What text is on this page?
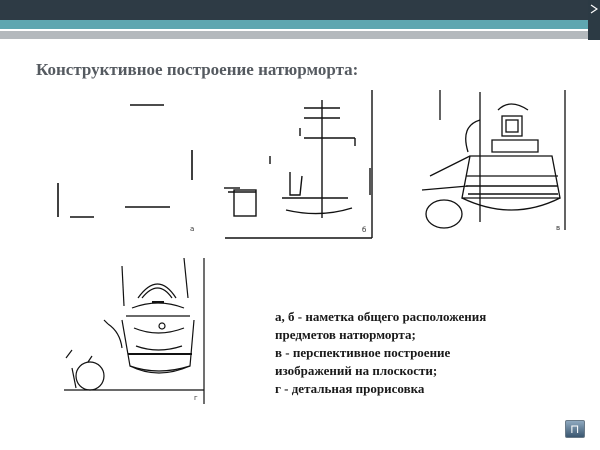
Конструктивное построение натюрморта:
а	б	в
г
а, б - наметка общего расположения
предметов натюрморта;
в - перспективное построение
изображений на плоскости;
г - детальная прорисовка
⊓
